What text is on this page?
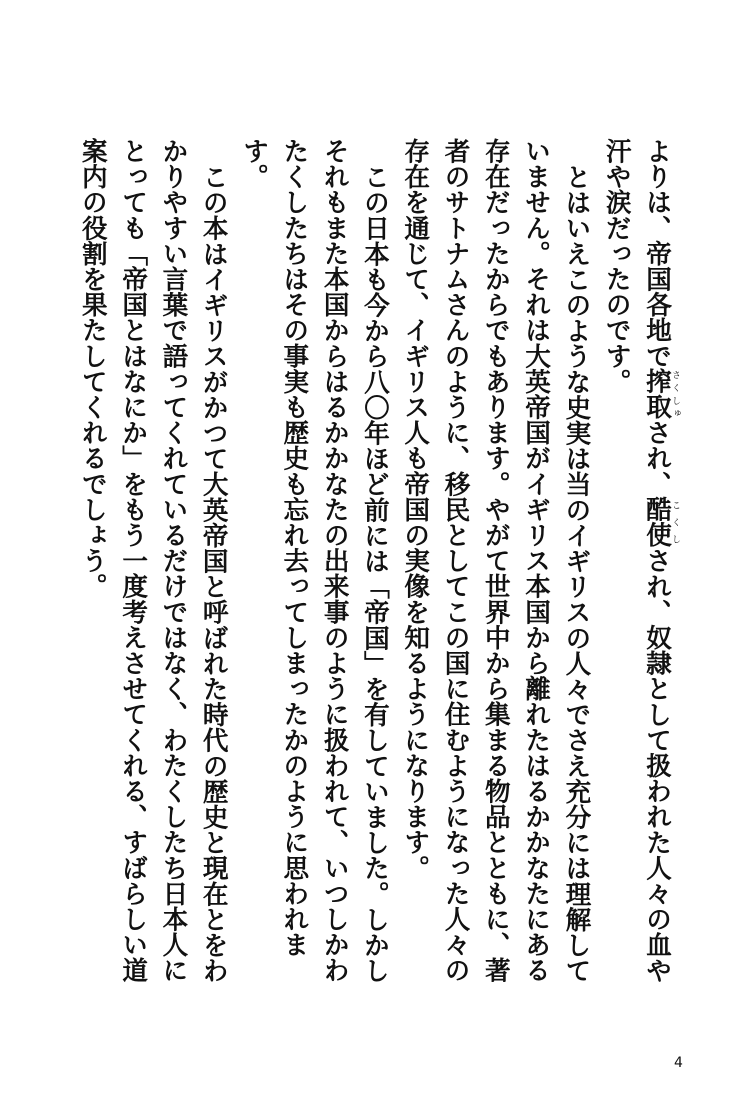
よりは、帝国各地で搾取さくしゅされ、酷使こくしされ、奴隷として扱われた人々の血や汗や涙だったのです。

とはいえこのような史実は当のイギリスの人々でさえ充分には理解していません。それは大英帝国がイギリス本国から離れたはるかかなたにある存在だったからでもあります。やがて世界中から集まる物品とともに、著者のサトナムさんのように、移民としてこの国に住むようになった人々の存在を通じて、イギリス人も帝国の実像を知るようになります。

この日本も今から八〇年ほど前には「帝国」を有していました。しかしそれもまた本国からはるかかなたの出来事のように扱われて、いつしかわたくしたちはその事実も歴史も忘れ去ってしまったかのように思われます。

この本はイギリスがかつて大英帝国と呼ばれた時代の歴史と現在とをわかりやすい言葉で語ってくれているだけではなく、わたくしたち日本人にとっても「帝国とはなにか」をもう一度考えさせてくれる、すばらしい道案内の役割を果たしてくれるでしょう。

4
